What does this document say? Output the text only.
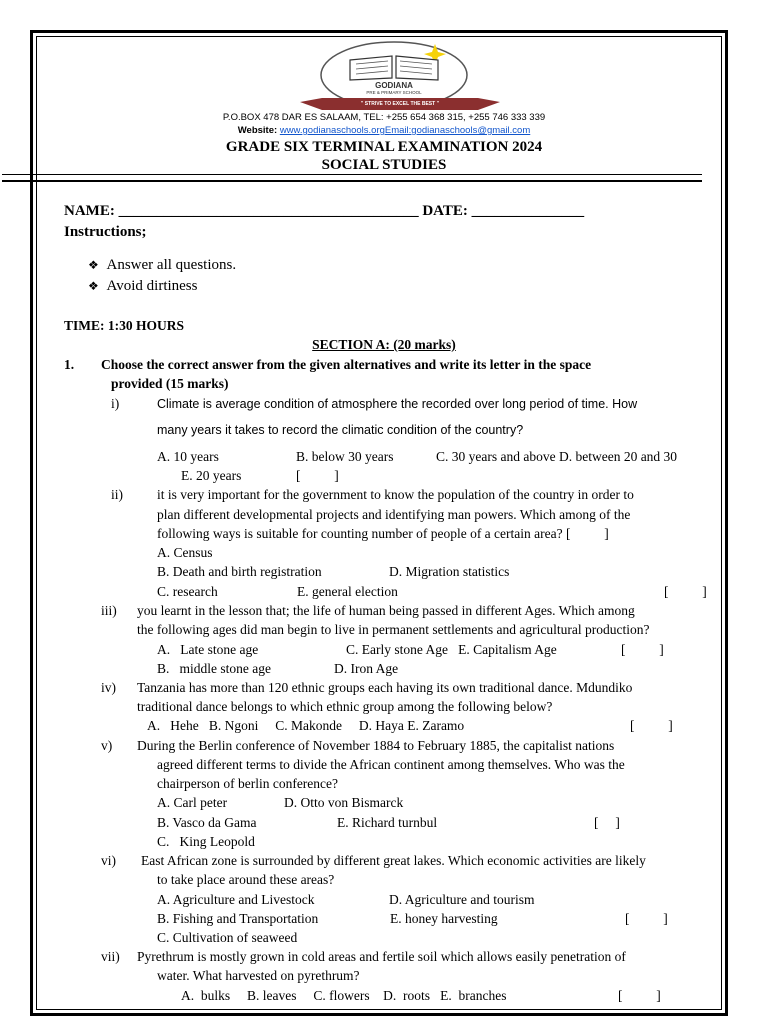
GODIANA
PRE & PRIMARY SCHOOL
" STRIVE TO EXCEL THE BEST "
P.O.BOX 478 DAR ES SALAAM, TEL: +255 654 368 315, +255 746 333 339
Website: www.godianaschools.orgEmail:godianaschools@gmail.com
GRADE SIX TERMINAL EXAMINATION 2024
SOCIAL STUDIES
NAME: ________________________________________ DATE: _______________
Instructions;
❖ Answer all questions.
❖ Avoid dirtiness
TIME: 1:30 HOURS
SECTION A: (20 marks)
1. Choose the correct answer from the given alternatives and write its letter in the space
provided (15 marks)
i)	Climate is average condition of atmosphere the recorded over long period of time. How
many years it takes to record the climatic condition of the country?
A. 10 years	B. below 30 years	C. 30 years and above D. between 20 and 30
E. 20 years	[          ]
ii)	it is very important for the government to know the population of the country in order to
plan different developmental projects and identifying man powers. Which among of the
following ways is suitable for counting number of people of a certain area? [          ]
A. Census
B. Death and birth registration	D. Migration statistics
C. research	E. general election	[          ]
iii) you learnt in the lesson that; the life of human being passed in different Ages. Which among
the following ages did man begin to live in permanent settlements and agricultural production?
A.   Late stone age	C. Early stone Age   E. Capitalism Age	[          ]
B.   middle stone age	D. Iron Age
iv) Tanzania has more than 120 ethnic groups each having its own traditional dance. Mdundiko
traditional dance belongs to which ethnic group among the following below?
A.   Hehe   B. Ngoni     C. Makonde     D. Haya E. Zaramo	[          ]
v) During the Berlin conference of November 1884 to February 1885, the capitalist nations
agreed different terms to divide the African continent among themselves. Who was the
chairperson of berlin conference?
A. Carl peter	D. Otto von Bismarck
B. Vasco da Gama	E. Richard turnbul	[     ]
C.   King Leopold
vi) East African zone is surrounded by different great lakes. Which economic activities are likely
to take place around these areas?
A. Agriculture and Livestock	D. Agriculture and tourism
B. Fishing and Transportation	E. honey harvesting	[          ]
C. Cultivation of seaweed
vii) Pyrethrum is mostly grown in cold areas and fertile soil which allows easily penetration of
water. What harvested on pyrethrum?
A.  bulks     B. leaves     C. flowers    D.  roots   E.  branches	[          ]
